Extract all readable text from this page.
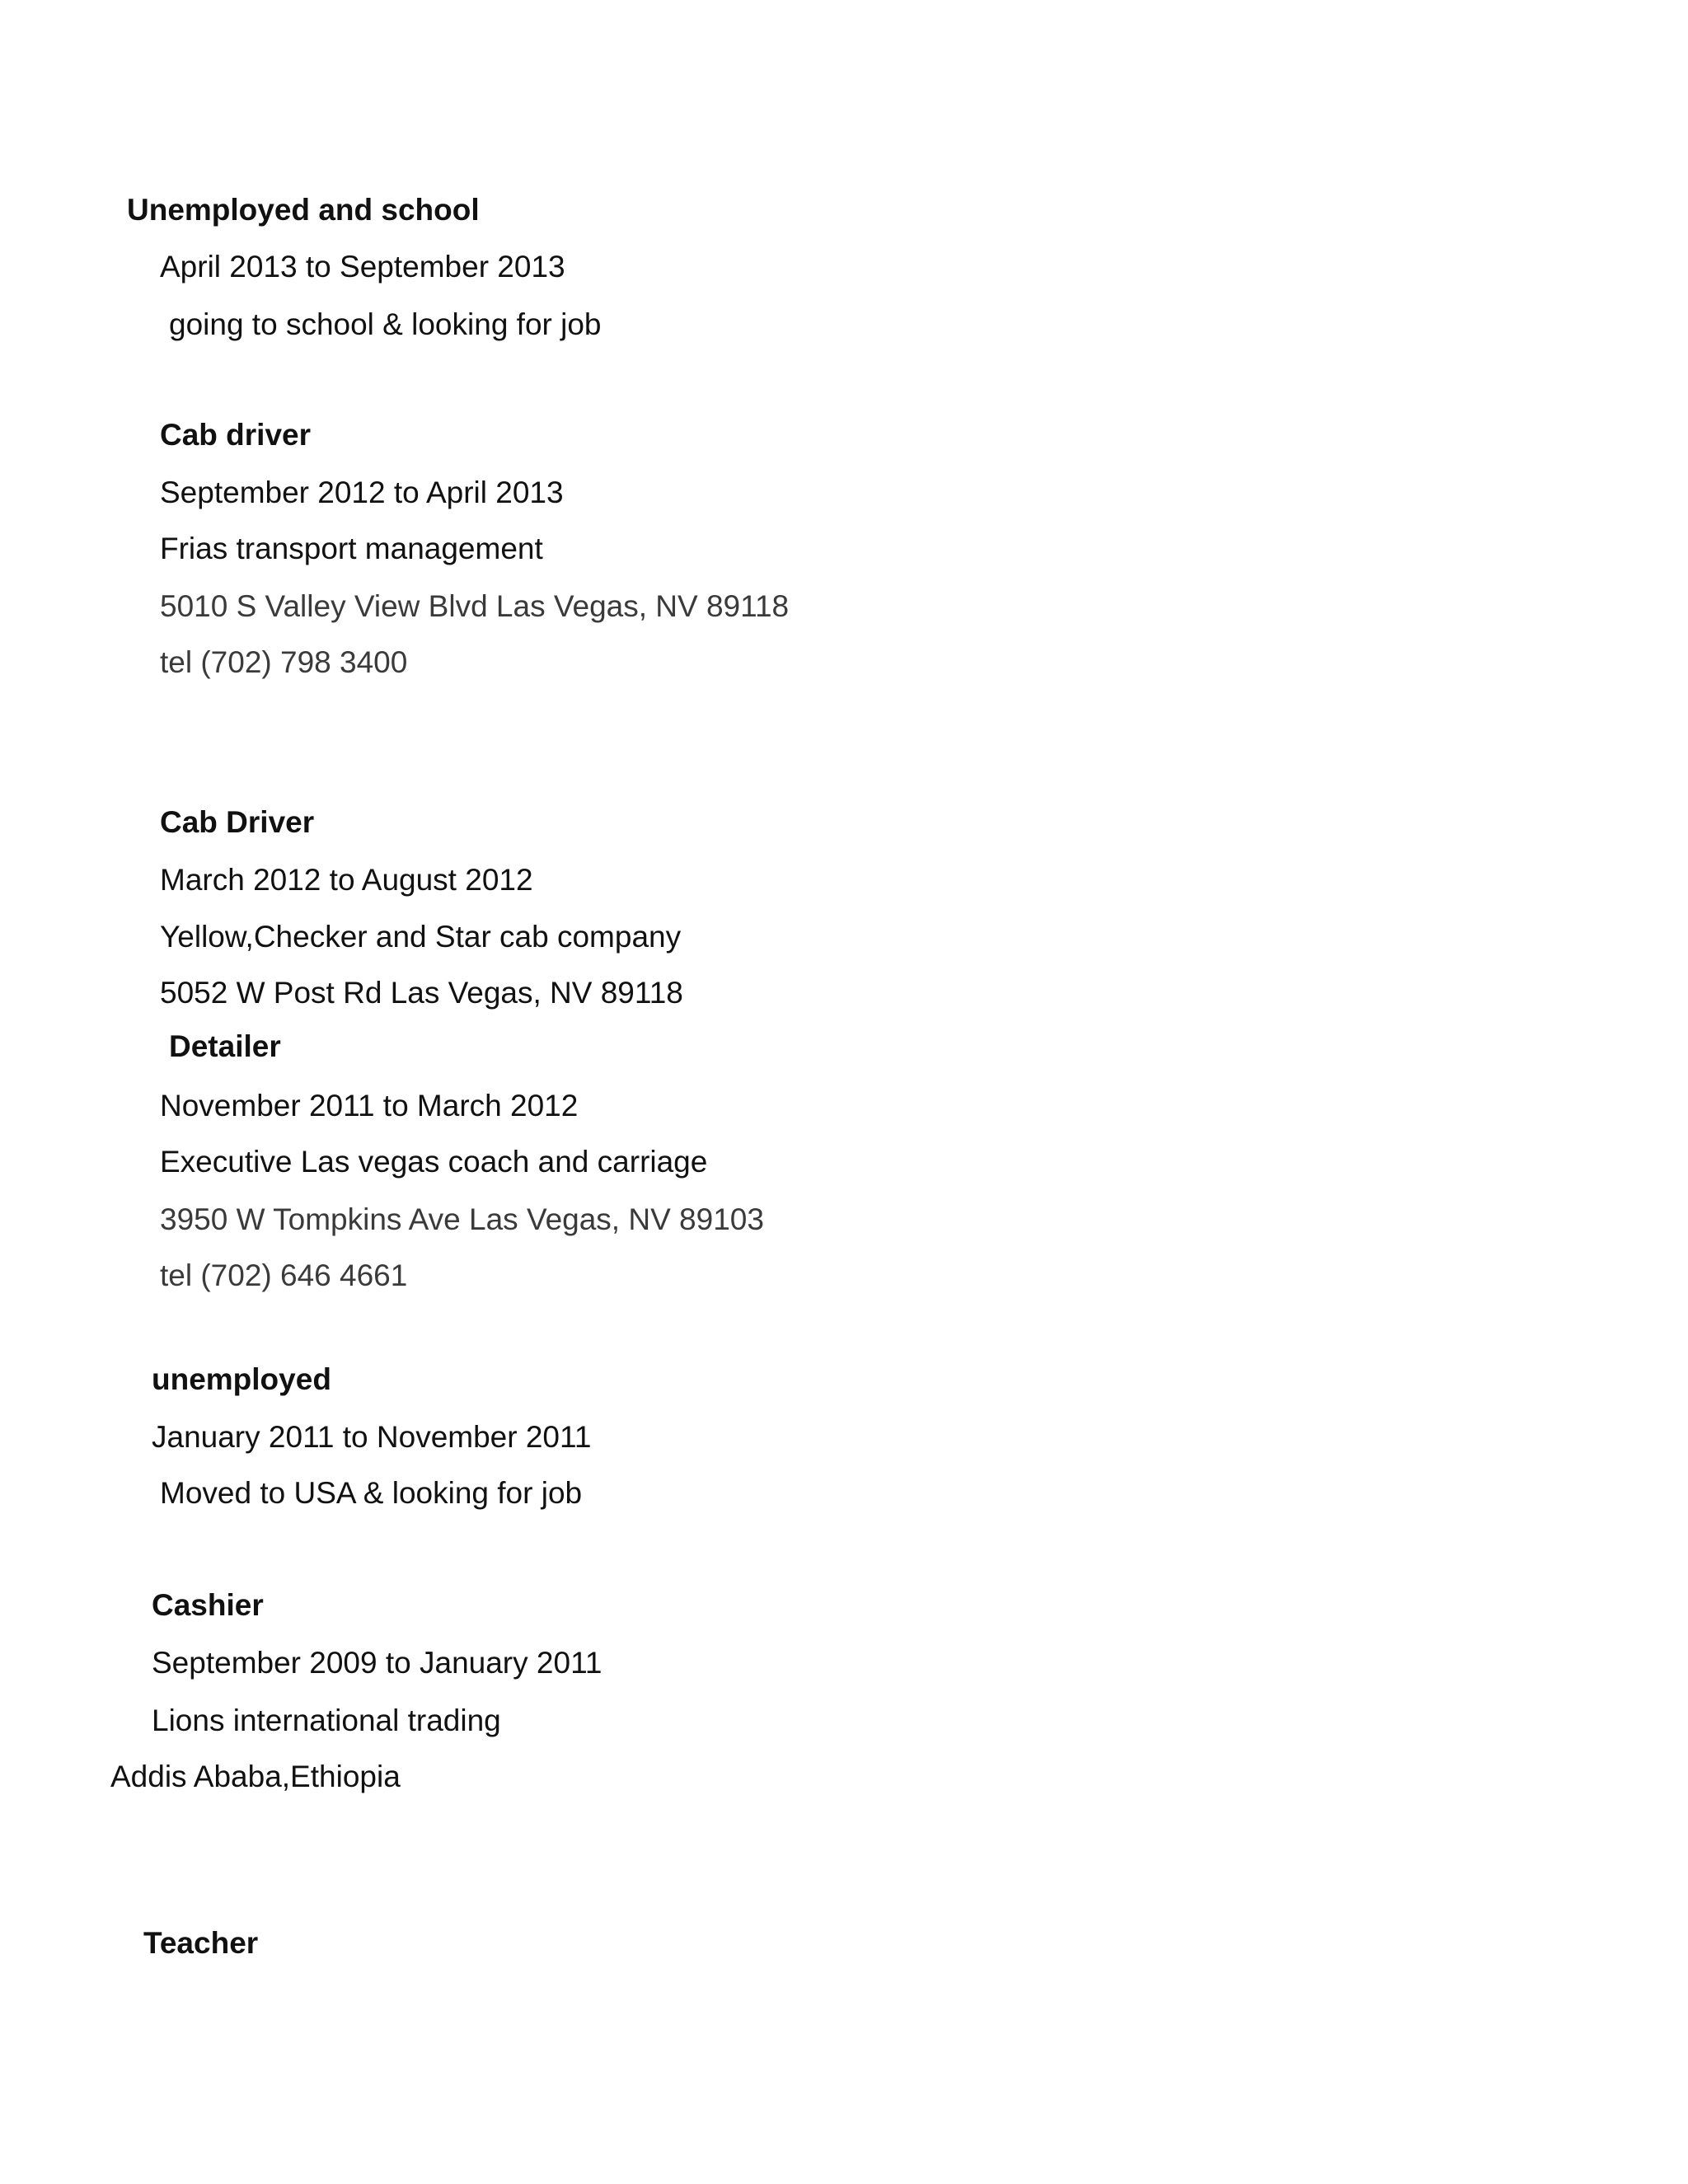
Unemployed and school
April 2013 to September 2013
going to school & looking for job
Cab driver
September 2012 to April 2013
Frias transport management
5010 S Valley View Blvd Las Vegas, NV 89118
tel (702) 798 3400
Cab Driver
March 2012 to August 2012
Yellow,Checker and Star cab company
5052 W Post Rd Las Vegas, NV 89118
Detailer
November 2011 to March 2012
Executive Las vegas coach and carriage
3950 W Tompkins Ave Las Vegas, NV 89103
tel (702) 646 4661
unemployed
January 2011 to November 2011
Moved to USA & looking for job
Cashier
September 2009 to January 2011
Lions international trading
Addis Ababa,Ethiopia
Teacher
